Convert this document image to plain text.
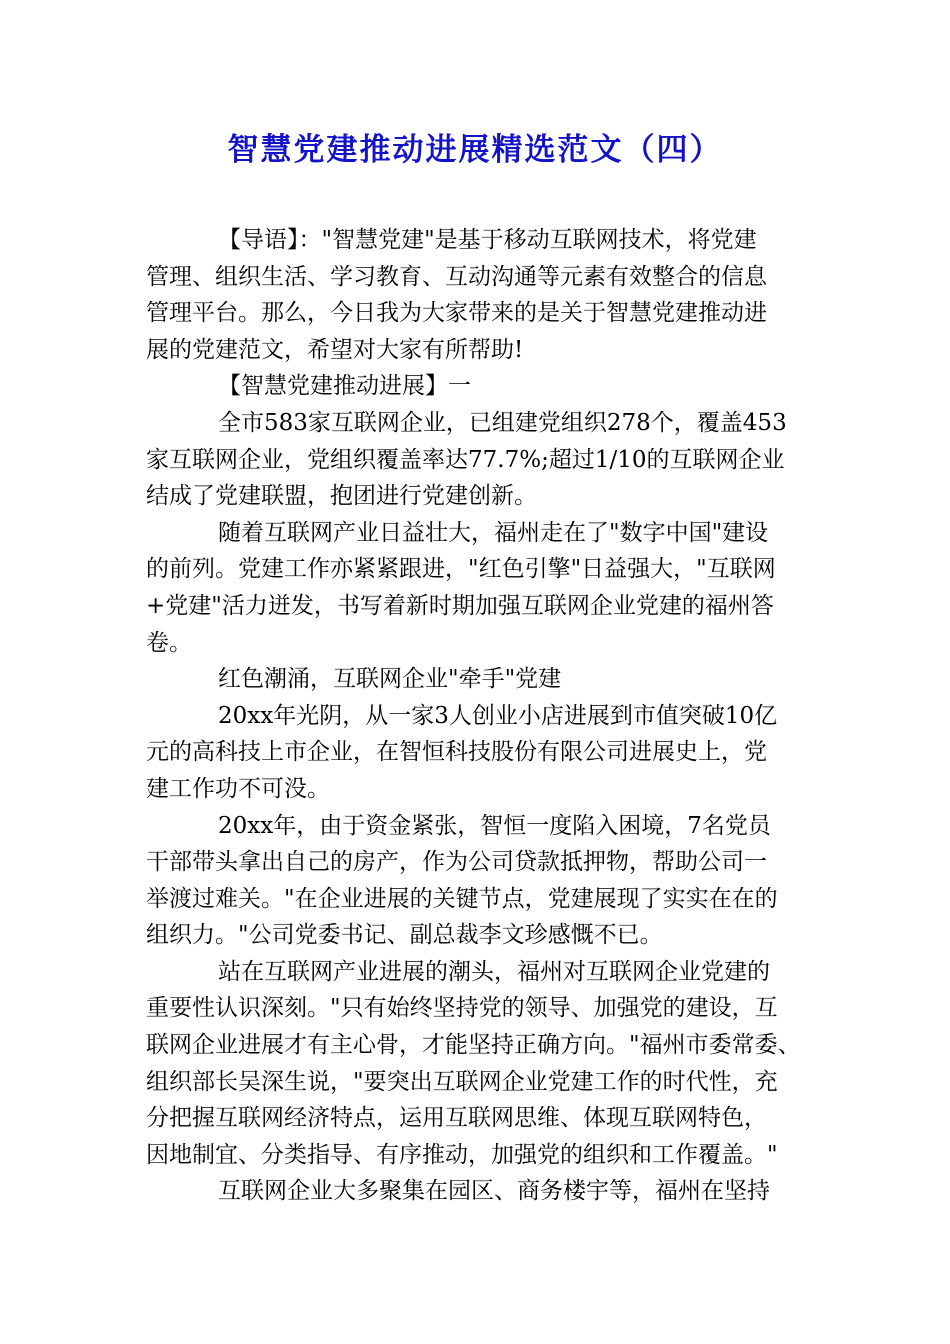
智慧党建推动进展精选范文（四）

【导语】："智慧党建"是基于移动互联网技术，将党建
管理、组织生活、学习教育、互动沟通等元素有效整合的信息
管理平台。那么，今日我为大家带来的是关于智慧党建推动进
展的党建范文，希望对大家有所帮助!

【智慧党建推动进展】一

全市583家互联网企业，已组建党组织278个，覆盖453
家互联网企业，党组织覆盖率达77.7%;超过1/10的互联网企业
结成了党建联盟，抱团进行党建创新。

随着互联网产业日益壮大，福州走在了"数字中国"建设
的前列。党建工作亦紧紧跟进，"红色引擎"日益强大，"互联网
+党建"活力迸发，书写着新时期加强互联网企业党建的福州答
卷。

红色潮涌，互联网企业"牵手"党建

20xx年光阴，从一家3人创业小店进展到市值突破10亿
元的高科技上市企业，在智恒科技股份有限公司进展史上，党
建工作功不可没。

20xx年，由于资金紧张，智恒一度陷入困境，7名党员
干部带头拿出自己的房产，作为公司贷款抵押物，帮助公司一
举渡过难关。"在企业进展的关键节点，党建展现了实实在在的
组织力。"公司党委书记、副总裁李文珍感慨不已。

站在互联网产业进展的潮头，福州对互联网企业党建的
重要性认识深刻。"只有始终坚持党的领导、加强党的建设，互
联网企业进展才有主心骨，才能坚持正确方向。"福州市委常委、
组织部长吴深生说，"要突出互联网企业党建工作的时代性，充
分把握互联网经济特点，运用互联网思维、体现互联网特色，
因地制宜、分类指导、有序推动，加强党的组织和工作覆盖。"

互联网企业大多聚集在园区、商务楼宇等，福州在坚持
